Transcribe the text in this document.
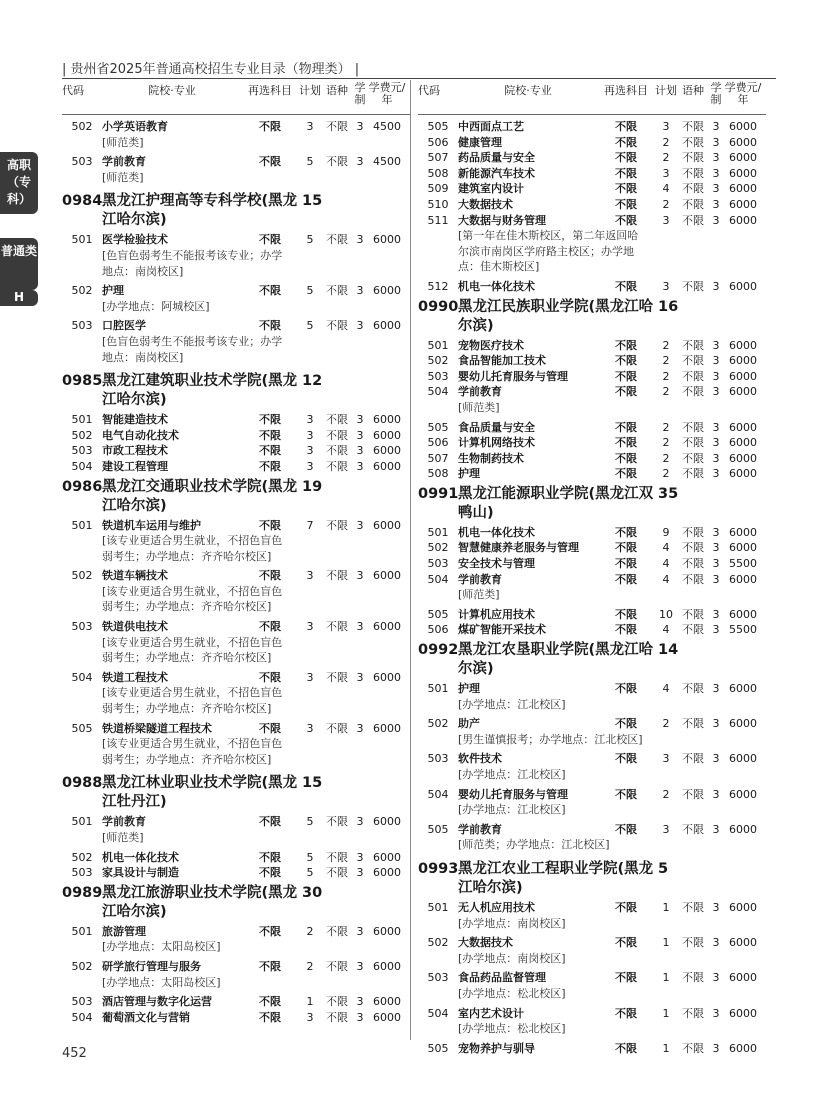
| 贵州省2025年普通高校招生专业目录（物理类） |
高职（专科）
普通类
H
代码	院校·专业	再选科目 计划 语种 学制
学费元/年
502 小学英语教育	不限	3	不限 3 4500
[师范类]
503 学前教育	不限	5	不限 3 4500
[师范类]
0984 黑龙江护理高等专科学校(黑龙江哈尔滨)
15
501 医学检验技术	不限	5	不限 3 6000
[色盲色弱考生不能报考该专业；办学地点：南岗校区]
502 护理	不限	5	不限 3 6000
[办学地点：阿城校区]
503 口腔医学	不限	5	不限 3 6000
[色盲色弱考生不能报考该专业；办学地点：南岗校区]
0985 黑龙江建筑职业技术学院(黑龙江哈尔滨)
12
501 智能建造技术	不限	3	不限 3 6000
502 电气自动化技术	不限	3	不限 3 6000
503 市政工程技术	不限	3	不限 3 6000
504 建设工程管理	不限	3	不限 3 6000
0986 黑龙江交通职业技术学院(黑龙江哈尔滨)
19
501 铁道机车运用与维护	不限	7	不限 3 6000
[该专业更适合男生就业，不招色盲色弱考生；办学地点：齐齐哈尔校区]
502 铁道车辆技术	不限	3	不限 3 6000
[该专业更适合男生就业，不招色盲色弱考生；办学地点：齐齐哈尔校区]
503 铁道供电技术	不限	3	不限 3 6000
[该专业更适合男生就业，不招色盲色弱考生；办学地点：齐齐哈尔校区]
504 铁道工程技术	不限	3	不限 3 6000
[该专业更适合男生就业，不招色盲色弱考生；办学地点：齐齐哈尔校区]
505 铁道桥梁隧道工程技术	不限	3	不限 3 6000
[该专业更适合男生就业，不招色盲色弱考生；办学地点：齐齐哈尔校区]
0988 黑龙江林业职业技术学院(黑龙江牡丹江)
15
501 学前教育	不限	5	不限 3 6000
[师范类]
502 机电一体化技术	不限	5	不限 3 6000
503 家具设计与制造	不限	5	不限 3 6000
0989 黑龙江旅游职业技术学院(黑龙江哈尔滨)
30
501 旅游管理	不限	2	不限 3 6000
[办学地点：太阳岛校区]
502 研学旅行管理与服务	不限	2	不限 3 6000
[办学地点：太阳岛校区]
503 酒店管理与数字化运营	不限	1	不限 3 6000
504 葡萄酒文化与营销	不限	3	不限 3 6000
代码	院校·专业	再选科目 计划 语种 学制
学费元/年
505 中西面点工艺	不限	3	不限 3 6000
506 健康管理	不限	2	不限 3 6000
507 药品质量与安全	不限	2	不限 3 6000
508 新能源汽车技术	不限	3	不限 3 6000
509 建筑室内设计	不限	4	不限 3 6000
510 大数据技术	不限	2	不限 3 6000
511 大数据与财务管理	不限	3	不限 3 6000
[第一年在佳木斯校区，第二年返回哈尔滨市南岗区学府路主校区；办学地点：佳木斯校区]
512 机电一体化技术	不限	3	不限 3 6000
0990 黑龙江民族职业学院(黑龙江哈尔滨)
16
501 宠物医疗技术	不限	2	不限 3 6000
502 食品智能加工技术	不限	2	不限 3 6000
503 婴幼儿托育服务与管理	不限	2	不限 3 6000
504 学前教育	不限	2	不限 3 6000
[师范类]
505 食品质量与安全	不限	2	不限 3 6000
506 计算机网络技术	不限	2	不限 3 6000
507 生物制药技术	不限	2	不限 3 6000
508 护理	不限	2	不限 3 6000
0991 黑龙江能源职业学院(黑龙江双鸭山)
35
501 机电一体化技术	不限	9	不限 3 6000
502 智慧健康养老服务与管理	不限	4	不限 3 6000
503 安全技术与管理	不限	4	不限 3 5500
504 学前教育	不限	4	不限 3 6000
[师范类]
505 计算机应用技术	不限	10 不限 3 6000
506 煤矿智能开采技术	不限	4	不限 3 5500
0992 黑龙江农垦职业学院(黑龙江哈尔滨)
14
501 护理	不限	4	不限 3 6000
[办学地点：江北校区]
502 助产	不限	2	不限 3 6000
[男生谨慎报考；办学地点：江北校区]
503 软件技术	不限	3	不限 3 6000
[办学地点：江北校区]
504 婴幼儿托育服务与管理	不限	2	不限 3 6000
[办学地点：江北校区]
505 学前教育	不限	3	不限 3 6000
[师范类；办学地点：江北校区]
0993 黑龙江农业工程职业学院(黑龙江哈尔滨)
5
501 无人机应用技术	不限	1	不限 3 6000
[办学地点：南岗校区]
502 大数据技术	不限	1	不限 3 6000
[办学地点：南岗校区]
503 食品药品监督管理	不限	1	不限 3 6000
[办学地点：松北校区]
504 室内艺术设计	不限	1	不限 3 6000
[办学地点：松北校区]
505 宠物养护与驯导	不限	1	不限 3 6000
452
